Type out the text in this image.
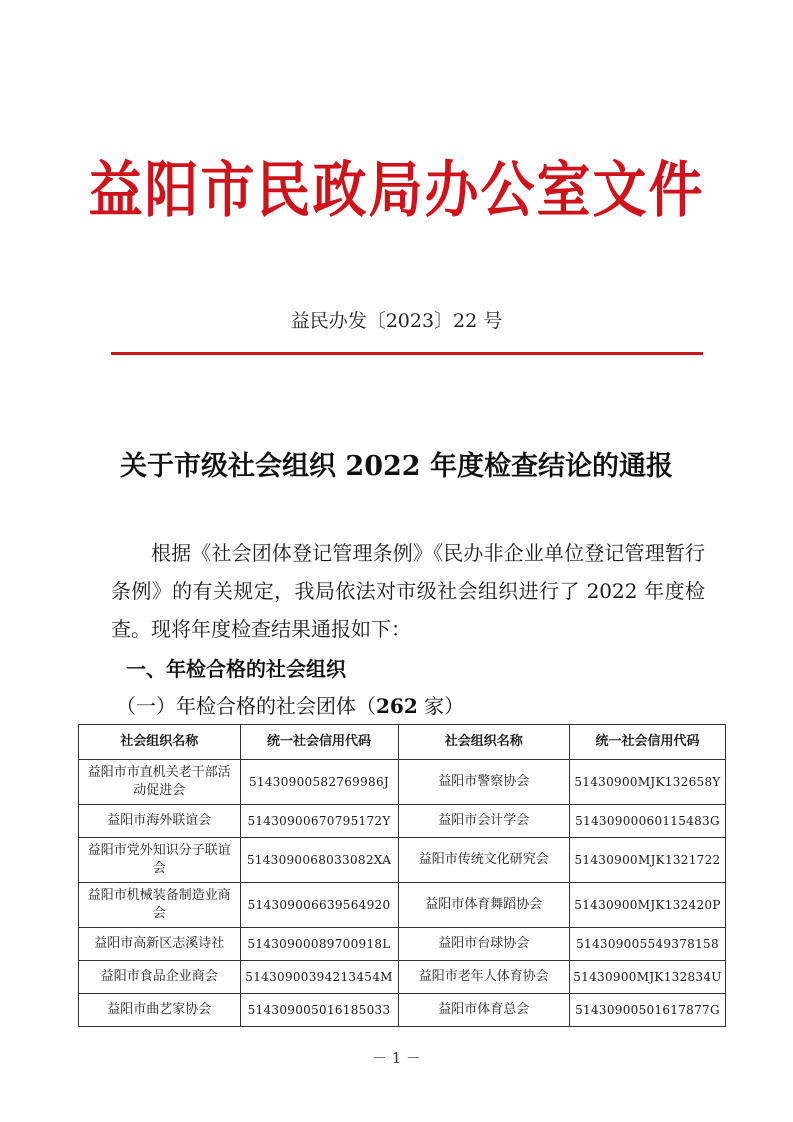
益阳市民政局办公室文件
益民办发〔2023〕22 号
关于市级社会组织 2022 年度检查结论的通报
根据《社会团体登记管理条例》《民办非企业单位登记管理暂行条例》的有关规定，我局依法对市级社会组织进行了 2022 年度检查。现将年度检查结果通报如下：
一、年检合格的社会组织
（一）年检合格的社会团体（262 家）
社会组织名称	统一社会信用代码	社会组织名称	统一社会信用代码
益阳市市直机关老干部活动促进会	51430900582769986J	益阳市警察协会	51430900MJK132658Y
益阳市海外联谊会	51430900670795172Y	益阳市会计学会	51430900060115483G
益阳市党外知识分子联谊会	5143090068033082XA	益阳市传统文化研究会	51430900MJK1321722
益阳市机械装备制造业商会	514309006639564920	益阳市体育舞蹈协会	51430900MJK132420P
益阳市高新区志溪诗社	51430900089700918L	益阳市台球协会	514309005549378158
益阳市食品企业商会	51430900394213454M	益阳市老年人体育协会	51430900MJK132834U
益阳市曲艺家协会	514309005016185033	益阳市体育总会	51430900501617877G
－ 1 －
